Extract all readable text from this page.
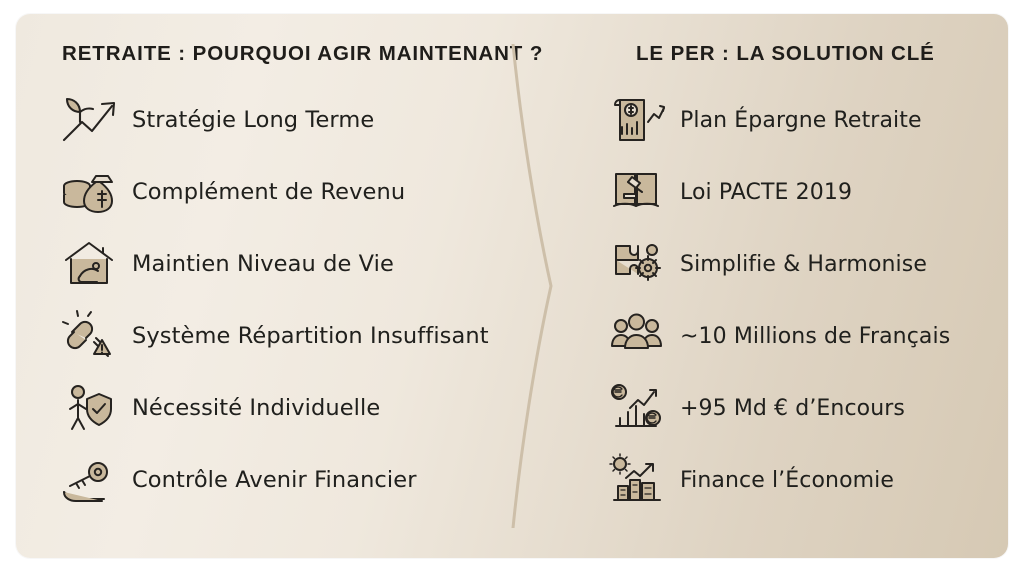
RETRAITE : POURQUOI AGIR MAINTENANT ?
Stratégie Long Terme
Complément de Revenu
Maintien Niveau de Vie
Système Répartition Insuffisant
Nécessité Individuelle
Contrôle Avenir Financier
LE PER : LA SOLUTION CLÉ
Plan Épargne Retraite
Loi PACTE 2019
Simplifie & Harmonise
~10 Millions de Français
+95 Md € d’Encours
Finance l’Économie
